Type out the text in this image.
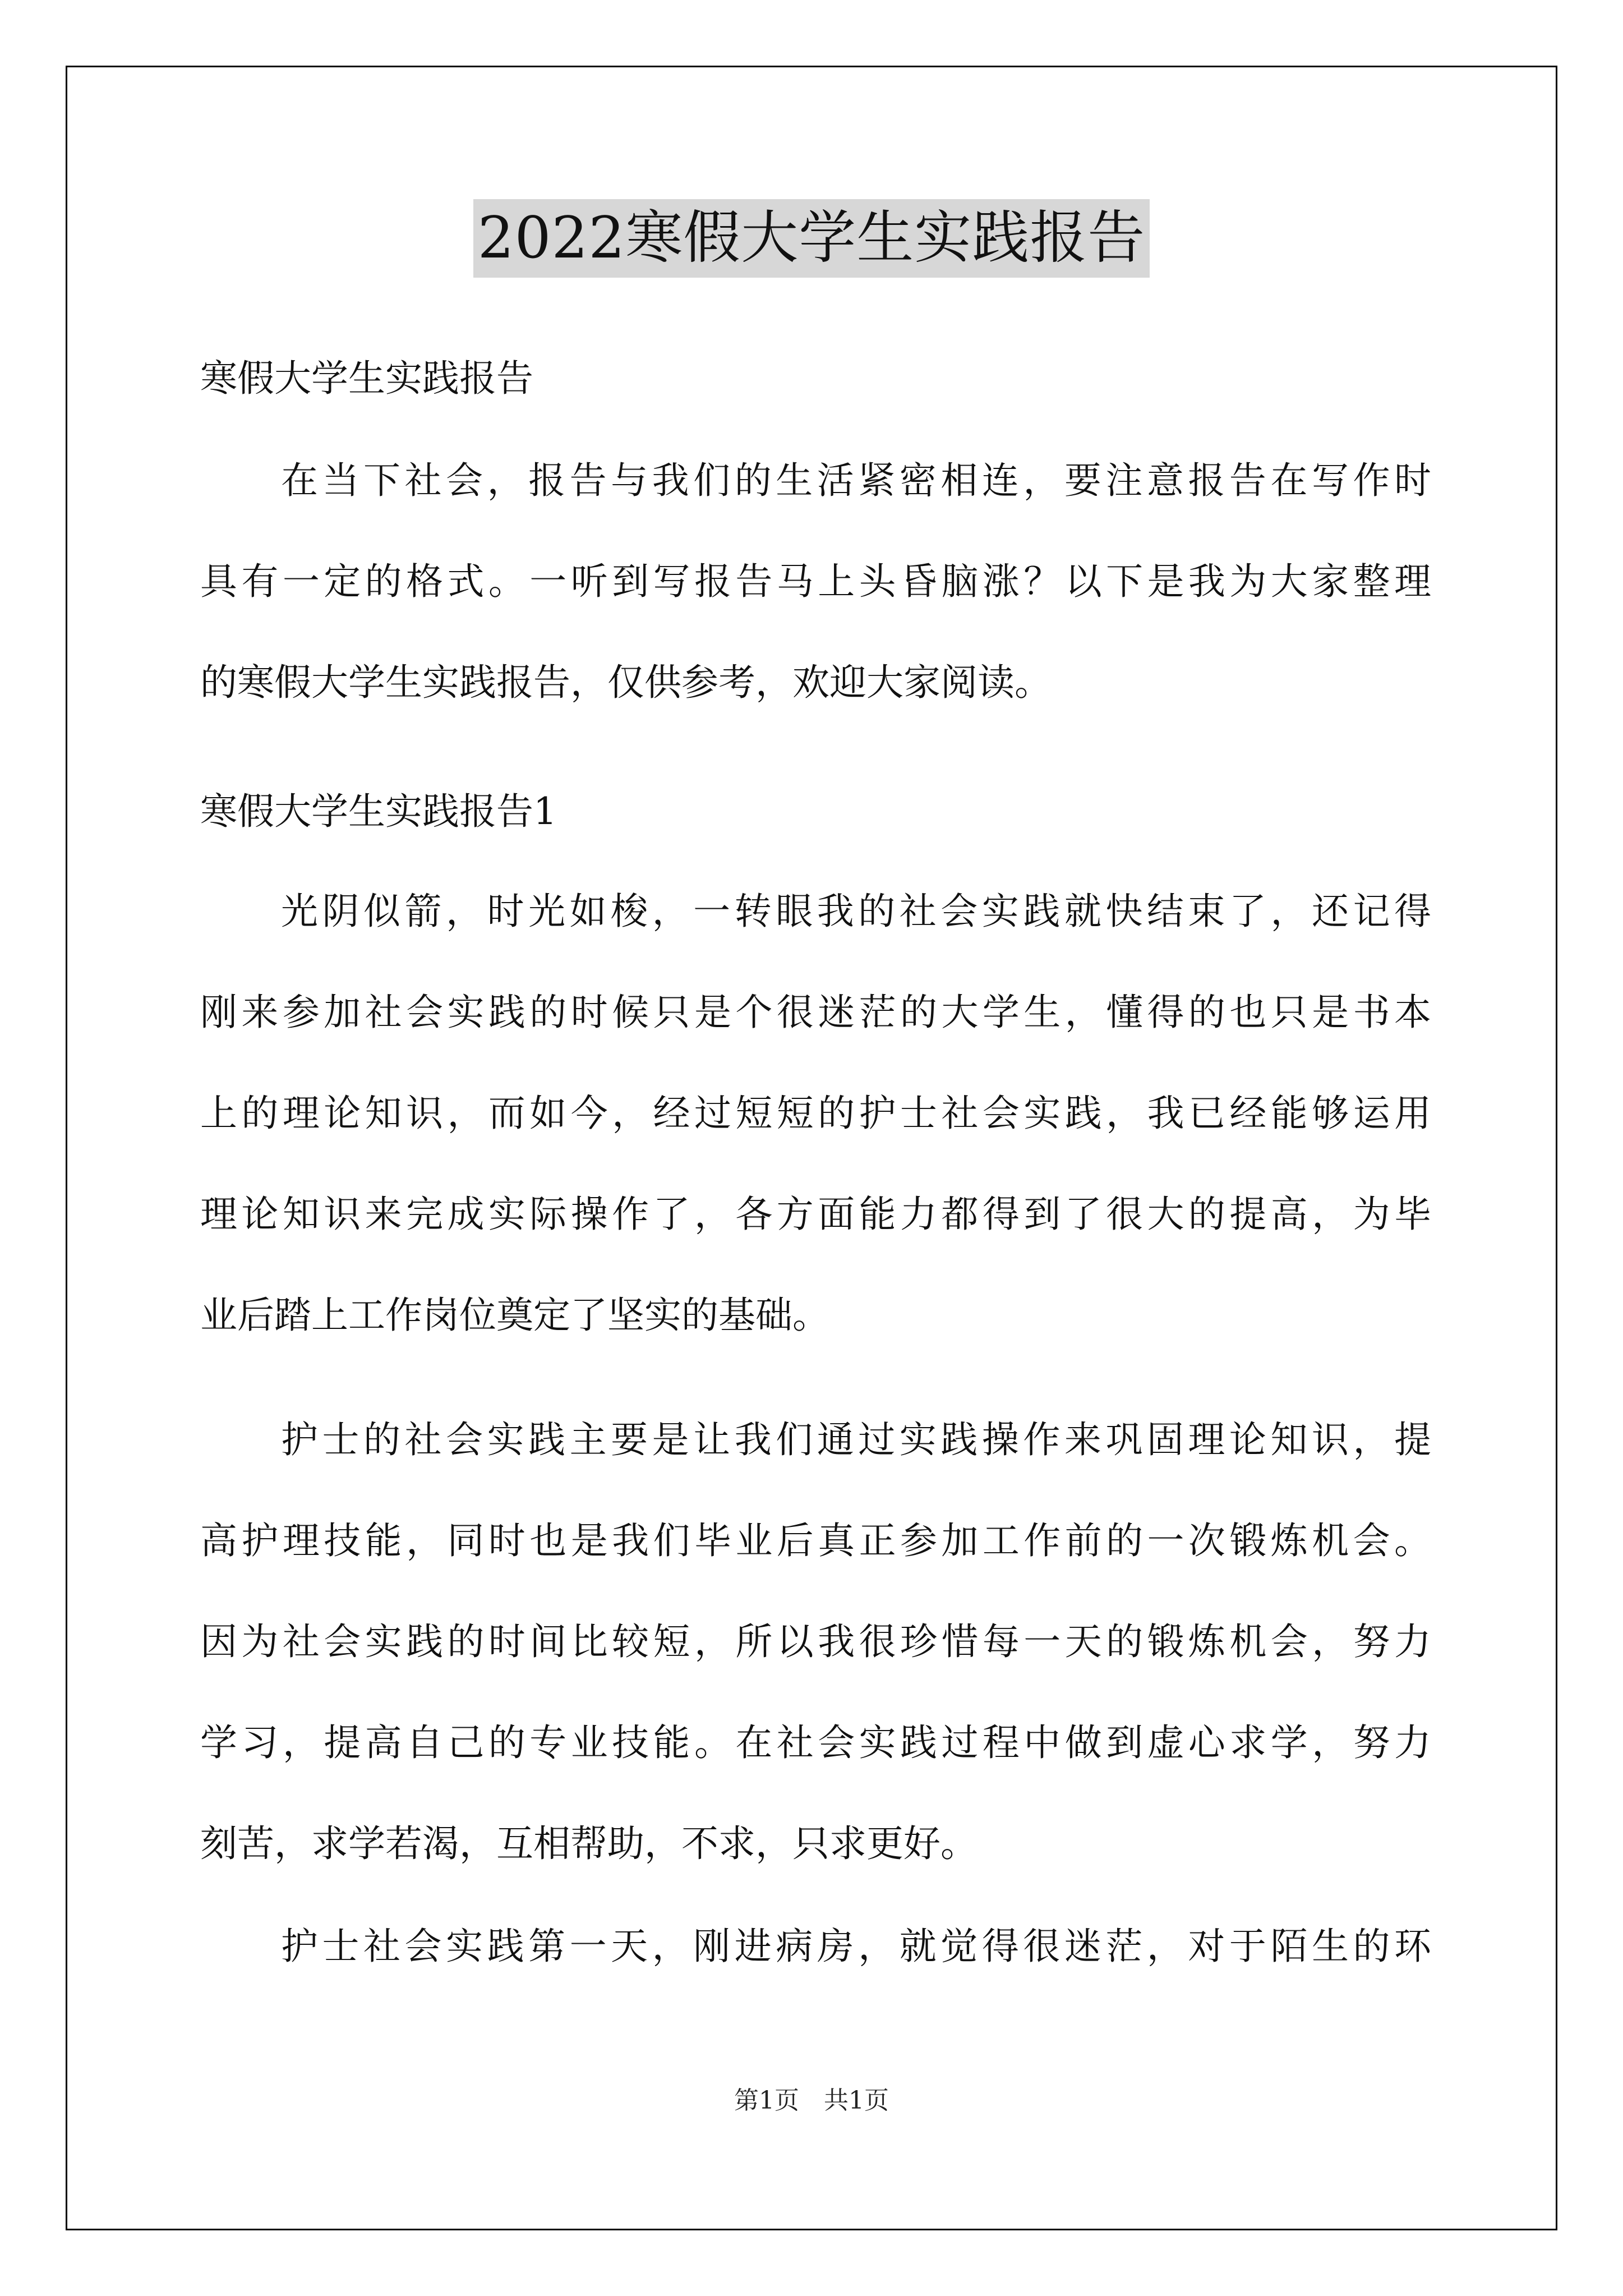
2022寒假大学生实践报告
寒假大学生实践报告
在当下社会，报告与我们的生活紧密相连，要注意报告在写作时
具有一定的格式。一听到写报告马上头昏脑涨？以下是我为大家整理
的寒假大学生实践报告，仅供参考，欢迎大家阅读。
寒假大学生实践报告1
光阴似箭，时光如梭，一转眼我的社会实践就快结束了，还记得
刚来参加社会实践的时候只是个很迷茫的大学生，懂得的也只是书本
上的理论知识，而如今，经过短短的护士社会实践，我已经能够运用
理论知识来完成实际操作了，各方面能力都得到了很大的提高，为毕
业后踏上工作岗位奠定了坚实的基础。
护士的社会实践主要是让我们通过实践操作来巩固理论知识，提
高护理技能，同时也是我们毕业后真正参加工作前的一次锻炼机会。
因为社会实践的时间比较短，所以我很珍惜每一天的锻炼机会，努力
学习，提高自己的专业技能。在社会实践过程中做到虚心求学，努力
刻苦，求学若渴，互相帮助，不求，只求更好。
护士社会实践第一天，刚进病房，就觉得很迷茫，对于陌生的环
第1页　共1页
